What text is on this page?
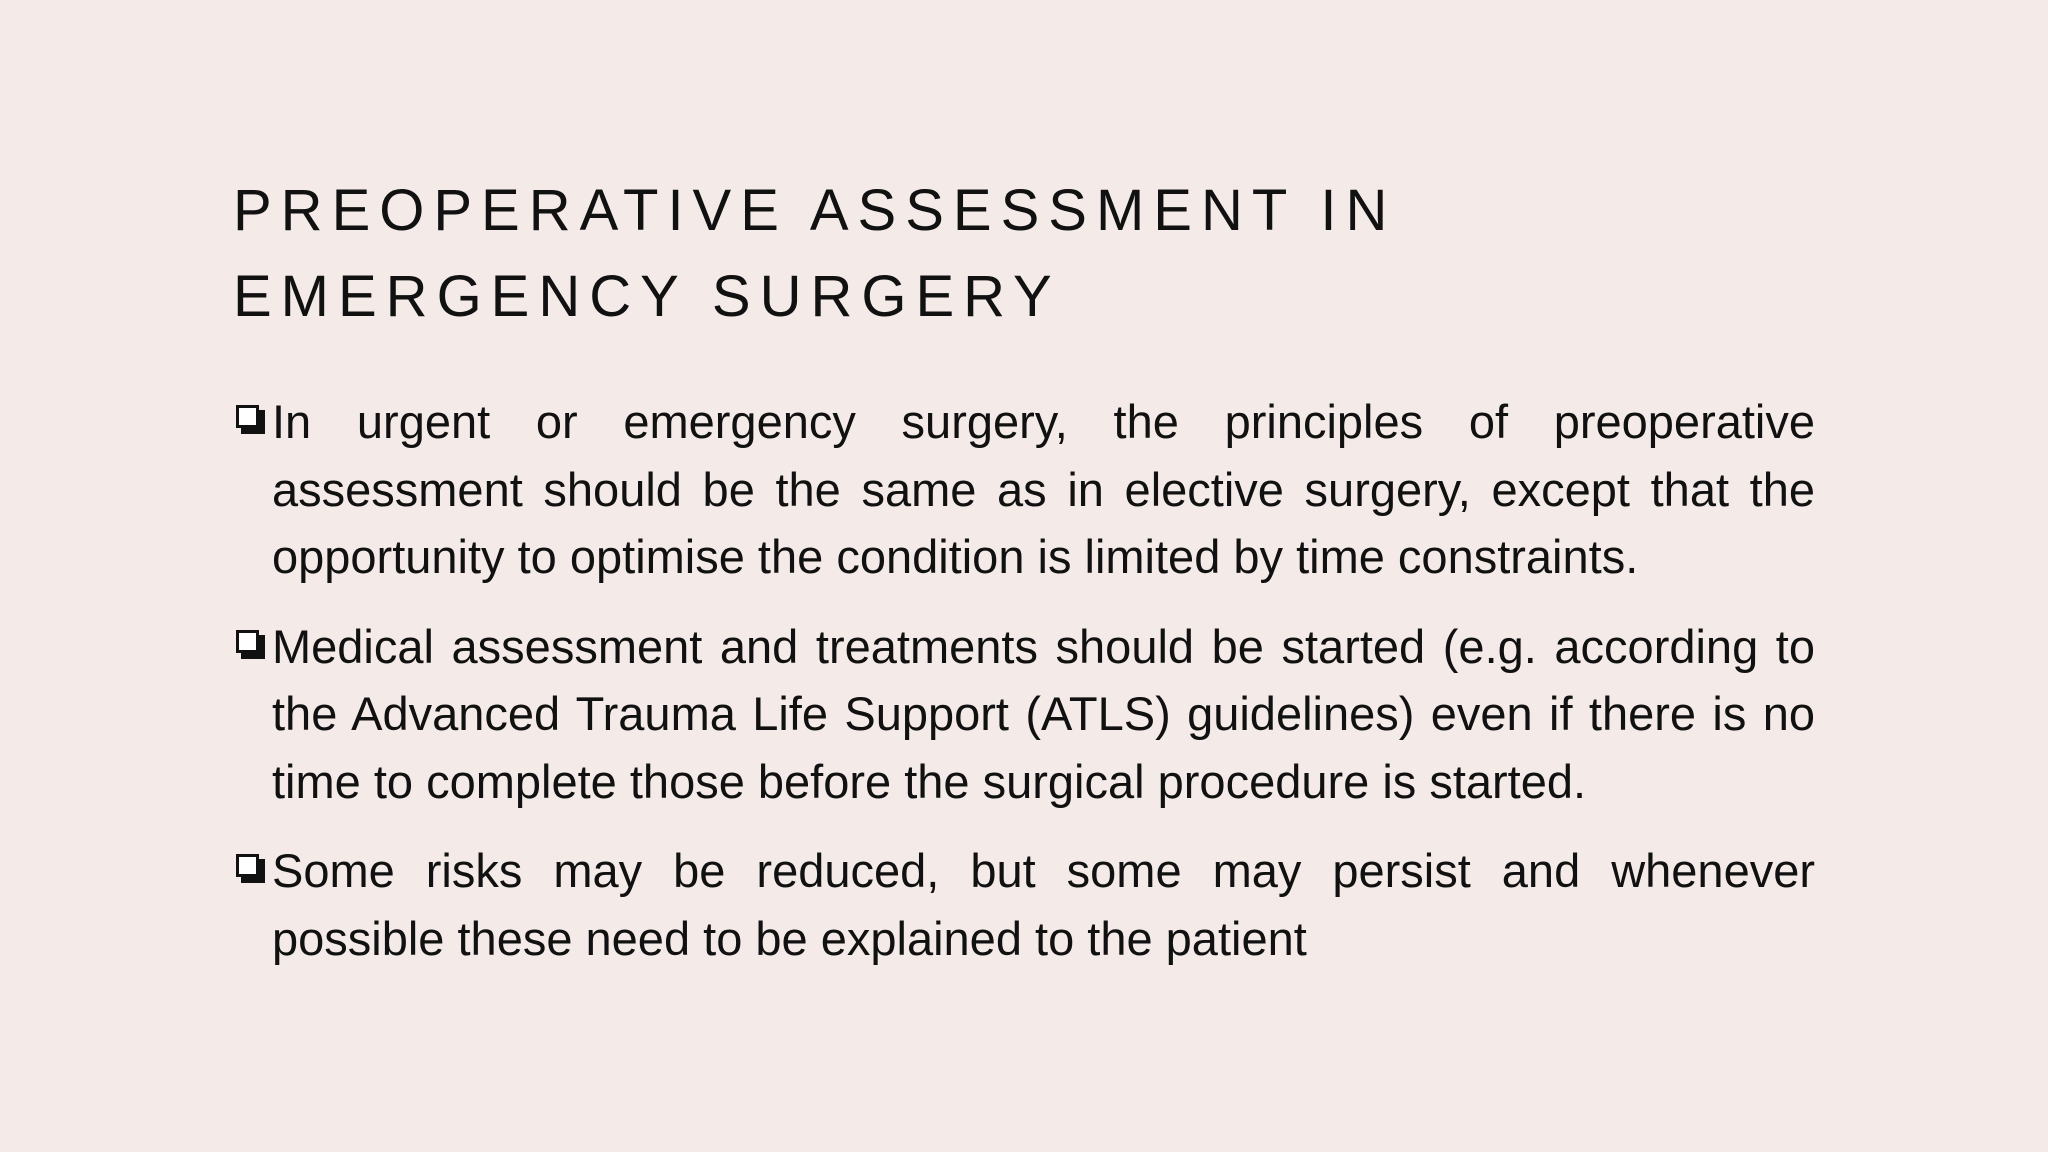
PREOPERATIVE ASSESSMENT IN
EMERGENCY SURGERY
In urgent or emergency surgery, the principles of preoperative assessment should be the same as in elective surgery, except that the opportunity to optimise the condition is limited by time constraints.
Medical assessment and treatments should be started (e.g. according to the Advanced Trauma Life Support (ATLS) guidelines) even if there is no time to complete those before the surgical procedure is started.
Some risks may be reduced, but some may persist and whenever possible these need to be explained to the patient
